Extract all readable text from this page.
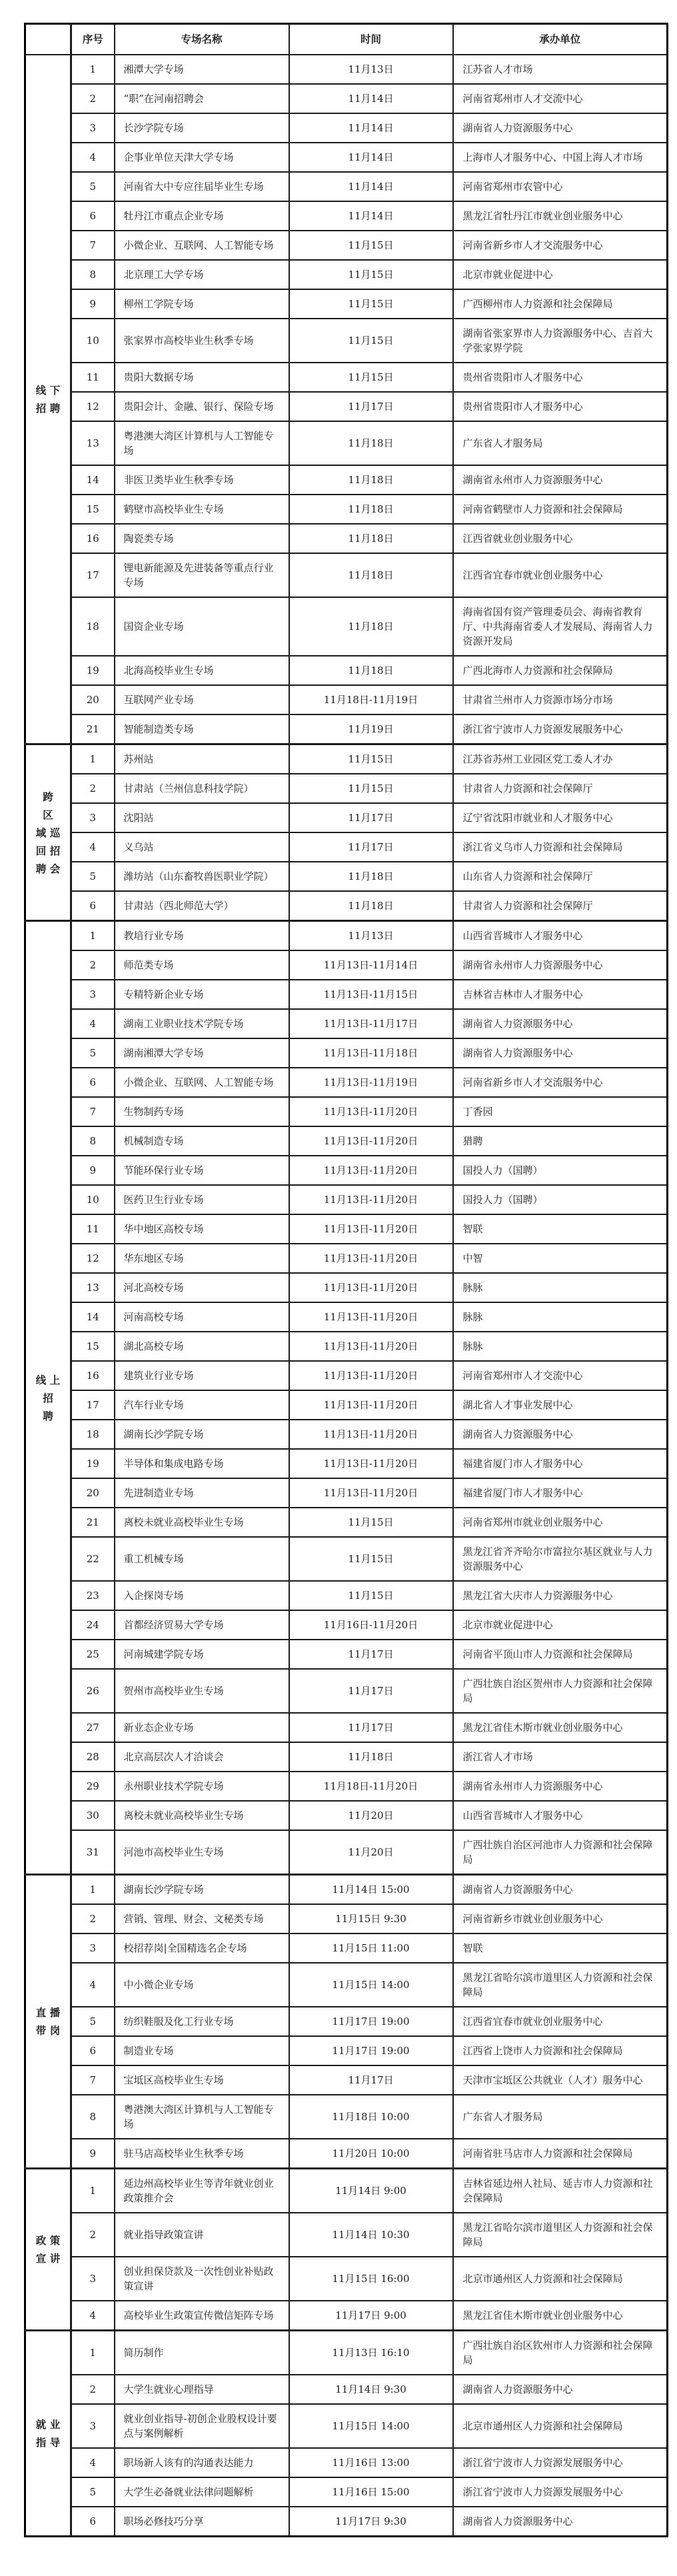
	序号	专场名称	时间	承办单位

线 下
招 聘	1	湘潭大学专场	11月13日	江苏省人才市场
	2	“职”在河南招聘会	11月14日	河南省郑州市人才交流中心
	3	长沙学院专场	11月14日	湖南省人力资源服务中心
	4	企事业单位天津大学专场	11月14日	上海市人才服务中心、中国上海人才市场
	5	河南省大中专应往届毕业生专场	11月14日	河南省郑州市农管中心
	6	牡丹江市重点企业专场	11月14日	黑龙江省牡丹江市就业创业服务中心
	7	小微企业、互联网、人工智能专场	11月15日	河南省新乡市人才交流服务中心
	8	北京理工大学专场	11月15日	北京市就业促进中心
	9	柳州工学院专场	11月15日	广西柳州市人力资源和社会保障局
	10	张家界市高校毕业生秋季专场	11月15日	湖南省张家界市人力资源服务中心、吉首大学张家界学院
	11	贵阳大数据专场	11月15日	贵州省贵阳市人才服务中心
	12	贵阳会计、金融、银行、保险专场	11月17日	贵州省贵阳市人才服务中心
	13	粤港澳大湾区计算机与人工智能专场	11月18日	广东省人才服务局
	14	非医卫类毕业生秋季专场	11月18日	湖南省永州市人力资源服务中心
	15	鹤壁市高校毕业生专场	11月18日	河南省鹤壁市人力资源和社会保障局
	16	陶瓷类专场	11月18日	江西省就业创业服务中心
	17	锂电新能源及先进装备等重点行业专场	11月18日	江西省宜春市就业创业服务中心
	18	国资企业专场	11月18日	海南省国有资产管理委员会、海南省教育厅、中共海南省委人才发展局、海南省人力资源开发局
	19	北海高校毕业生专场	11月18日	广西北海市人力资源和社会保障局
	20	互联网产业专场	11月18日-11月19日	甘肃省兰州市人力资源市场分市场
	21	智能制造类专场	11月19日	浙江省宁波市人力资源发展服务中心

跨
区
域 巡
回 招
聘 会	1	苏州站	11月15日	江苏省苏州工业园区党工委人才办
	2	甘肃站（兰州信息科技学院）	11月15日	甘肃省人力资源和社会保障厅
	3	沈阳站	11月17日	辽宁省沈阳市就业和人才服务中心
	4	义乌站	11月17日	浙江省义乌市人力资源和社会保障局
	5	潍坊站（山东畜牧兽医职业学院）	11月18日	山东省人力资源和社会保障厅
	6	甘肃站（西北师范大学）	11月18日	甘肃省人力资源和社会保障厅

线 上
招
聘	1	教培行业专场	11月13日	山西省晋城市人才服务中心
	2	师范类专场	11月13日-11月14日	湖南省永州市人力资源服务中心
	3	专精特新企业专场	11月13日-11月15日	吉林省吉林市人才服务中心
	4	湖南工业职业技术学院专场	11月13日-11月17日	湖南省人力资源服务中心
	5	湖南湘潭大学专场	11月13日-11月18日	湖南省人力资源服务中心
	6	小微企业、互联网、人工智能专场	11月13日-11月19日	河南省新乡市人才交流服务中心
	7	生物制药专场	11月13日-11月20日	丁香园
	8	机械制造专场	11月13日-11月20日	猎聘
	9	节能环保行业专场	11月13日-11月20日	国投人力（国聘）
	10	医药卫生行业专场	11月13日-11月20日	国投人力（国聘）
	11	华中地区高校专场	11月13日-11月20日	智联
	12	华东地区专场	11月13日-11月20日	中智
	13	河北高校专场	11月13日-11月20日	脉脉
	14	河南高校专场	11月13日-11月20日	脉脉
	15	湖北高校专场	11月13日-11月20日	脉脉
	16	建筑业行业专场	11月13日-11月20日	河南省郑州市人才交流中心
	17	汽车行业专场	11月13日-11月20日	湖北省人才事业发展中心
	18	湖南长沙学院专场	11月13日-11月20日	湖南省人力资源服务中心
	19	半导体和集成电路专场	11月13日-11月20日	福建省厦门市人才服务中心
	20	先进制造业专场	11月13日-11月20日	福建省厦门市人才服务中心
	21	离校未就业高校毕业生专场	11月15日	河南省郑州市就业创业服务中心
	22	重工机械专场	11月15日	黑龙江省齐齐哈尔市富拉尔基区就业与人力资源服务中心
	23	入企探岗专场	11月15日	黑龙江省大庆市人力资源服务中心
	24	首都经济贸易大学专场	11月16日-11月20日	北京市就业促进中心
	25	河南城建学院专场	11月17日	河南省平顶山市人力资源和社会保障局
	26	贺州市高校毕业生专场	11月17日	广西壮族自治区贺州市人力资源和社会保障局
	27	新业态企业专场	11月17日	黑龙江省佳木斯市就业创业服务中心
	28	北京高层次人才洽谈会	11月18日	浙江省人才市场
	29	永州职业技术学院专场	11月18日-11月20日	湖南省永州市人力资源服务中心
	30	离校未就业高校毕业生专场	11月20日	山西省晋城市人才服务中心
	31	河池市高校毕业生专场	11月20日	广西壮族自治区河池市人力资源和社会保障局

直 播
带 岗	1	湖南长沙学院专场	11月14日 15:00	湖南省人力资源服务中心
	2	营销、管理、财会、文秘类专场	11月15日 9:30	河南省新乡市就业创业服务中心
	3	校招荐岗|全国精选名企专场	11月15日 11:00	智联
	4	中小微企业专场	11月15日 14:00	黑龙江省哈尔滨市道里区人力资源和社会保障局
	5	纺织鞋服及化工行业专场	11月17日 19:00	江西省宜春市就业创业服务中心
	6	制造业专场	11月17日 19:00	江西省上饶市人力资源和社会保障局
	7	宝坻区高校毕业生专场	11月17日	天津市宝坻区公共就业（人才）服务中心
	8	粤港澳大湾区计算机与人工智能专场	11月18日 10:00	广东省人才服务局
	9	驻马店高校毕业生秋季专场	11月20日 10:00	河南省驻马店市人力资源和社会保障局

政 策
宣 讲	1	延边州高校毕业生等青年就业创业政策推介会	11月14日 9:00	吉林省延边州人社局、延吉市人力资源和社会保障局
	2	就业指导政策宣讲	11月14日 10:30	黑龙江省哈尔滨市道里区人力资源和社会保障局
	3	创业担保贷款及一次性创业补贴政策宣讲	11月15日 16:00	北京市通州区人力资源和社会保障局
	4	高校毕业生政策宣传微信矩阵专场	11月17日 9:00	黑龙江省佳木斯市就业创业服务中心

就 业
指 导	1	简历制作	11月13日 16:10	广西壮族自治区钦州市人力资源和社会保障局
	2	大学生就业心理指导	11月14日 9:30	湖南省人力资源服务中心
	3	就业创业指导-初创企业股权设计要点与案例解析	11月15日 14:00	北京市通州区人力资源和社会保障局
	4	职场新人该有的沟通表达能力	11月16日 13:00	浙江省宁波市人力资源发展服务中心
	5	大学生必备就业法律问题解析	11月16日 15:00	浙江省宁波市人力资源发展服务中心
	6	职场必修技巧分享	11月17日 9:30	湖南省人力资源服务中心
